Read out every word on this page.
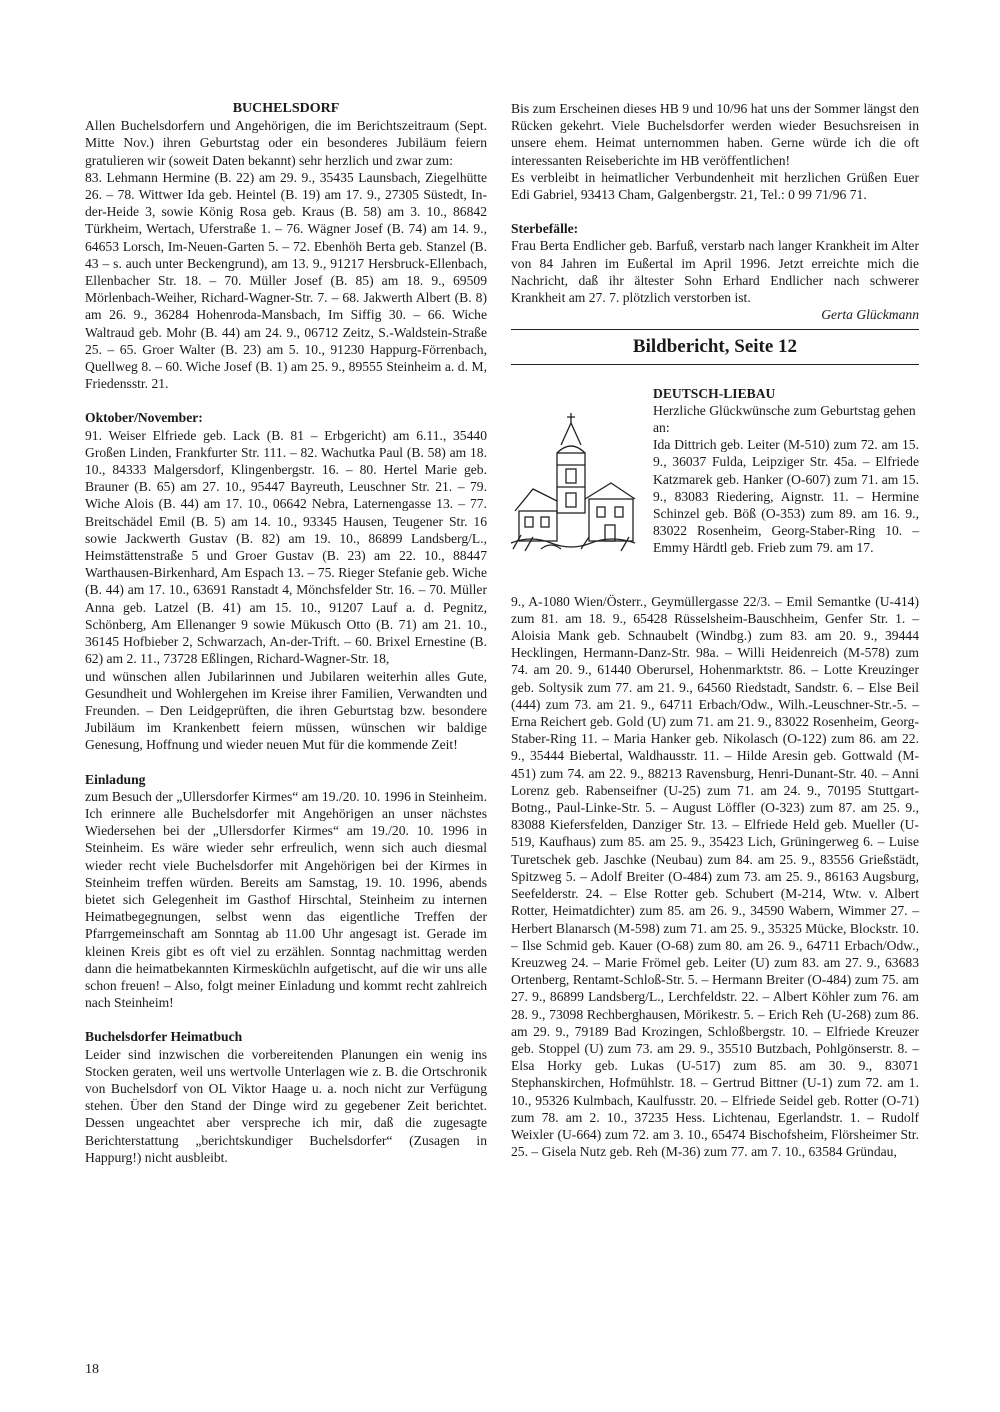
BUCHELSDORF

Allen Buchelsdorfern und Angehörigen, die im Berichtszeitraum (Sept. Mitte Nov.) ihren Geburtstag oder ein besonderes Jubiläum feiern gratulieren wir (soweit Daten bekannt) sehr herzlich und zwar zum:

83. Lehmann Hermine (B. 22) am 29. 9., 35435 Launsbach, Ziegelhütte 26. – 78. Wittwer Ida geb. Heintel (B. 19) am 17. 9., 27305 Süstedt, In-der-Heide 3, sowie König Rosa geb. Kraus (B. 58) am 3. 10., 86842 Türkheim, Wertach, Uferstraße 1. – 76. Wägner Josef (B. 74) am 14. 9., 64653 Lorsch, Im-Neuen-Garten 5. – 72. Ebenhöh Berta geb. Stanzel (B. 43 – s. auch unter Beckengrund), am 13. 9., 91217 Hersbruck-Ellenbach, Ellenbacher Str. 18. – 70. Müller Josef (B. 85) am 18. 9., 69509 Mörlenbach-Weiher, Richard-Wagner-Str. 7. – 68. Jakwerth Albert (B. 8) am 26. 9., 36284 Hohenroda-Mansbach, Im Siffig 30. – 66. Wiche Waltraud geb. Mohr (B. 44) am 24. 9., 06712 Zeitz, S.-Waldstein-Straße 25. – 65. Groer Walter (B. 23) am 5. 10., 91230 Happurg-Förrenbach, Quellweg 8. – 60. Wiche Josef (B. 1) am 25. 9., 89555 Steinheim a. d. M, Friedensstr. 21.

Oktober/November:

91. Weiser Elfriede geb. Lack (B. 81 – Erbgericht) am 6.11., 35440 Großen Linden, Frankfurter Str. 111. – 82. Wachutka Paul (B. 58) am 18. 10., 84333 Malgersdorf, Klingenbergstr. 16. – 80. Hertel Marie geb. Brauner (B. 65) am 27. 10., 95447 Bayreuth, Leuschner Str. 21. – 79. Wiche Alois (B. 44) am 17. 10., 06642 Nebra, Laternengasse 13. – 77. Breitschädel Emil (B. 5) am 14. 10., 93345 Hausen, Teugener Str. 16 sowie Jackwerth Gustav (B. 82) am 19. 10., 86899 Landsberg/L., Heimstättenstraße 5 und Groer Gustav (B. 23) am 22. 10., 88447 Warthausen-Birkenhard, Am Espach 13. – 75. Rieger Stefanie geb. Wiche (B. 44) am 17. 10., 63691 Ranstadt 4, Mönchsfelder Str. 16. – 70. Müller Anna geb. Latzel (B. 41) am 15. 10., 91207 Lauf a. d. Pegnitz, Schönberg, Am Ellenanger 9 sowie Mükusch Otto (B. 71) am 21. 10., 36145 Hofbieber 2, Schwarzach, An-der-Trift. – 60. Brixel Ernestine (B. 62) am 2. 11., 73728 Eßlingen, Richard-Wagner-Str. 18,

und wünschen allen Jubilarinnen und Jubilaren weiterhin alles Gute, Gesundheit und Wohlergehen im Kreise ihrer Familien, Verwandten und Freunden. – Den Leidgeprüften, die ihren Geburtstag bzw. besondere Jubiläum im Krankenbett feiern müssen, wünschen wir baldige Genesung, Hoffnung und wieder neuen Mut für die kommende Zeit!

Einladung

zum Besuch der „Ullersdorfer Kirmes“ am 19./20. 10. 1996 in Steinheim. Ich erinnere alle Buchelsdorfer mit Angehörigen an unser nächstes Wiedersehen bei der „Ullersdorfer Kirmes“ am 19./20. 10. 1996 in Steinheim. Es wäre wieder sehr erfreulich, wenn sich auch diesmal wieder recht viele Buchelsdorfer mit Angehörigen bei der Kirmes in Steinheim treffen würden. Bereits am Samstag, 19. 10. 1996, abends bietet sich Gelegenheit im Gasthof Hirschtal, Steinheim zu internen Heimatbegegnungen, selbst wenn das eigentliche Treffen der Pfarrgemeinschaft am Sonntag ab 11.00 Uhr angesagt ist. Gerade im kleinen Kreis gibt es oft viel zu erzählen. Sonntag nachmittag werden dann die heimatbekannten Kirmesküchln aufgetischt, auf die wir uns alle schon freuen! – Also, folgt meiner Einladung und kommt recht zahlreich nach Steinheim!

Buchelsdorfer Heimatbuch

Leider sind inzwischen die vorbereitenden Planungen ein wenig ins Stocken geraten, weil uns wertvolle Unterlagen wie z. B. die Ortschronik von Buchelsdorf von OL Viktor Haage u. a. noch nicht zur Verfügung stehen. Über den Stand der Dinge wird zu gegebener Zeit berichtet. Dessen ungeachtet aber verspreche ich mir, daß die zugesagte Berichterstattung „berichtskundiger Buchelsdorfer“ (Zusagen in Happurg!) nicht ausbleibt.

Bis zum Erscheinen dieses HB 9 und 10/96 hat uns der Sommer längst den Rücken gekehrt. Viele Buchelsdorfer werden wieder Besuchsreisen in unsere ehem. Heimat unternommen haben. Gerne würde ich die oft interessanten Reiseberichte im HB veröffentlichen!

Es verbleibt in heimatlicher Verbundenheit mit herzlichen Grüßen Euer Edi Gabriel, 93413 Cham, Galgenbergstr. 21, Tel.: 0 99 71/96 71.

Sterbefälle:

Frau Berta Endlicher geb. Barfuß, verstarb nach langer Krankheit im Alter von 84 Jahren im Eußertal im April 1996. Jetzt erreichte mich die Nachricht, daß ihr ältester Sohn Erhard Endlicher nach schwerer Krankheit am 27. 7. plötzlich verstorben ist.

Gerta Glückmann

Bildbericht, Seite 12

DEUTSCH-LIEBAU

Herzliche Glückwünsche zum Geburtstag gehen an:

Ida Dittrich geb. Leiter (M-510) zum 72. am 15. 9., 36037 Fulda, Leipziger Str. 45a. – Elfriede Katzmarek geb. Hanker (O-607) zum 71. am 15. 9., 83083 Riedering, Aignstr. 11. – Hermine Schinzel geb. Böß (O-353) zum 89. am 16. 9., 83022 Rosenheim, Georg-Staber-Ring 10. – Emmy Härdtl geb. Frieb zum 79. am 17.

9., A-1080 Wien/Österr., Geymüllergasse 22/3. – Emil Semantke (U-414) zum 81. am 18. 9., 65428 Rüsselsheim-Bauschheim, Genfer Str. 1. – Aloisia Mank geb. Schnaubelt (Windbg.) zum 83. am 20. 9., 39444 Hecklingen, Hermann-Danz-Str. 98a. – Willi Heidenreich (M-578) zum 74. am 20. 9., 61440 Oberursel, Hohenmarktstr. 86. – Lotte Kreuzinger geb. Soltysik zum 77. am 21. 9., 64560 Riedstadt, Sandstr. 6. – Else Beil (444) zum 73. am 21. 9., 64711 Erbach/Odw., Wilh.-Leuschner-Str.-5. – Erna Reichert geb. Gold (U) zum 71. am 21. 9., 83022 Rosenheim, Georg-Staber-Ring 11. – Maria Hanker geb. Nikolasch (O-122) zum 86. am 22. 9., 35444 Biebertal, Waldhausstr. 11. – Hilde Aresin geb. Gottwald (M-451) zum 74. am 22. 9., 88213 Ravensburg, Henri-Dunant-Str. 40. – Anni Lorenz geb. Rabenseifner (U-25) zum 71. am 24. 9., 70195 Stuttgart-Botng., Paul-Linke-Str. 5. – August Löffler (O-323) zum 87. am 25. 9., 83088 Kiefersfelden, Danziger Str. 13. – Elfriede Held geb. Mueller (U-519, Kaufhaus) zum 85. am 25. 9., 35423 Lich, Grüningerweg 6. – Luise Turetschek geb. Jaschke (Neubau) zum 84. am 25. 9., 83556 Grießstädt, Spitzweg 5. – Adolf Breiter (O-484) zum 73. am 25. 9., 86163 Augsburg, Seefelderstr. 24. – Else Rotter geb. Schubert (M-214, Wtw. v. Albert Rotter, Heimatdichter) zum 85. am 26. 9., 34590 Wabern, Wimmer 27. – Herbert Blanarsch (M-598) zum 71. am 25. 9., 35325 Mücke, Blockstr. 10. – Ilse Schmid geb. Kauer (O-68) zum 80. am 26. 9., 64711 Erbach/Odw., Kreuzweg 24. – Marie Frömel geb. Leiter (U) zum 83. am 27. 9., 63683 Ortenberg, Rentamt-Schloß-Str. 5. – Hermann Breiter (O-484) zum 75. am 27. 9., 86899 Landsberg/L., Lerchfeldstr. 22. – Albert Köhler zum 76. am 28. 9., 73098 Rechberghausen, Mörikestr. 5. – Erich Reh (U-268) zum 86. am 29. 9., 79189 Bad Krozingen, Schloßbergstr. 10. – Elfriede Kreuzer geb. Stoppel (U) zum 73. am 29. 9., 35510 Butzbach, Pohlgönserstr. 8. – Elsa Horky geb. Lukas (U-517) zum 85. am 30. 9., 83071 Stephanskirchen, Hofmühlstr. 18. – Gertrud Bittner (U-1) zum 72. am 1. 10., 95326 Kulmbach, Kaulfusstr. 20. – Elfriede Seidel geb. Rotter (O-71) zum 78. am 2. 10., 37235 Hess. Lichtenau, Egerlandstr. 1. – Rudolf Weixler (U-664) zum 72. am 3. 10., 65474 Bischofsheim, Flörsheimer Str. 25. – Gisela Nutz geb. Reh (M-36) zum 77. am 7. 10., 63584 Gründau,

18
